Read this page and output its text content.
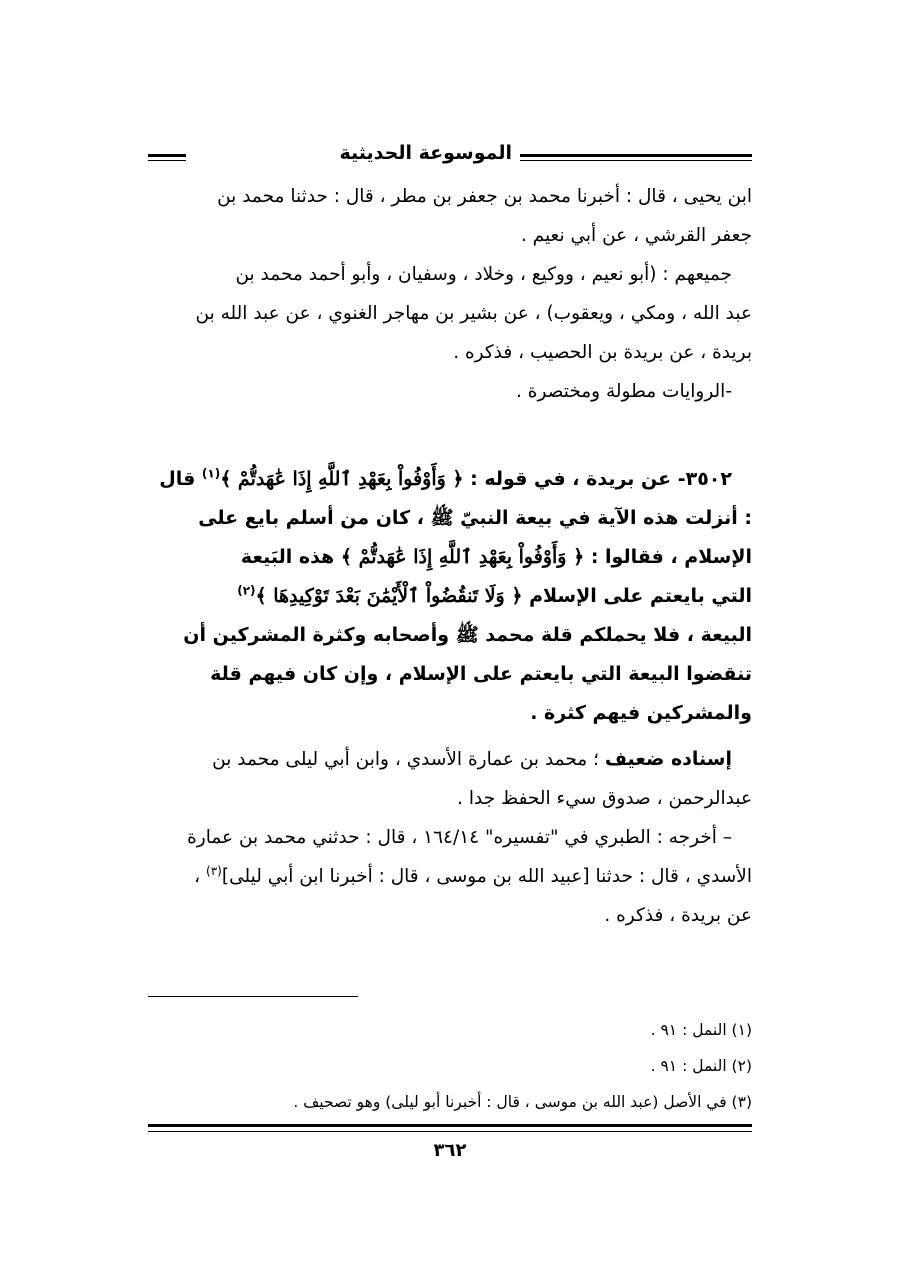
الموسوعة الحديثية
ابن يحيى ، قال : أخبرنا محمد بن جعفر بن مطر ، قال : حدثنا محمد بن
جعفر القرشي ، عن أبي نعيم .
جميعهم : (أبو نعيم ، ووكيع ، وخلاد ، وسفيان ، وأبو أحمد محمد بن
عبد الله ، ومكي ، ويعقوب) ، عن بشير بن مهاجر الغنوي ، عن عبد الله بن
بريدة ، عن بريدة بن الحصيب ، فذكره .
-الروايات مطولة ومختصرة .
٣٥٠٢- عن بريدة ، في قوله : ﴿ وَأَوْفُواْ بِعَهْدِ ٱللَّهِ إِذَا عَٰهَدتُّمْ ﴾$^{(١)}$ قال
: أنزلت هذه الآية في بيعة النبيّ ﷺ ، كان من أسلم بايع على
الإسلام ، فقالوا : ﴿ وَأَوْفُواْ بِعَهْدِ ٱللَّهِ إِذَا عَٰهَدتُّمْ ﴾ هذه البَيعة
التي بايعتم على الإسلام ﴿ وَلَا تَنقُضُواْ ٱلْأَيْمَٰنَ بَعْدَ تَوْكِيدِهَا ﴾$^{(٢)}$
البيعة ، فلا يحملكم قلة محمد ﷺ وأصحابه وكثرة المشركين أن
تنقضوا البيعة التي بايعتم على الإسلام ، وإن كان فيهم قلة
والمشركين فيهم كثرة .
إسناده ضعيف ؛ محمد بن عمارة الأسدي ، وابن أبي ليلى محمد بن
عبدالرحمن ، صدوق سيء الحفظ جدا .
– أخرجه : الطبري في "تفسيره" ١٦٤/١٤ ، قال : حدثني محمد بن عمارة
الأسدي ، قال : حدثنا [عبيد الله بن موسى ، قال : أخبرنا ابن أبي ليلى]$^{(٣)}$ ،
عن بريدة ، فذكره .
(١) النمل : ٩١ .
(٢) النمل : ٩١ .
(٣) في الأصل (عبد الله بن موسى ، قال : أخبرنا أبو ليلى) وهو تصحيف .
٣٦٢
